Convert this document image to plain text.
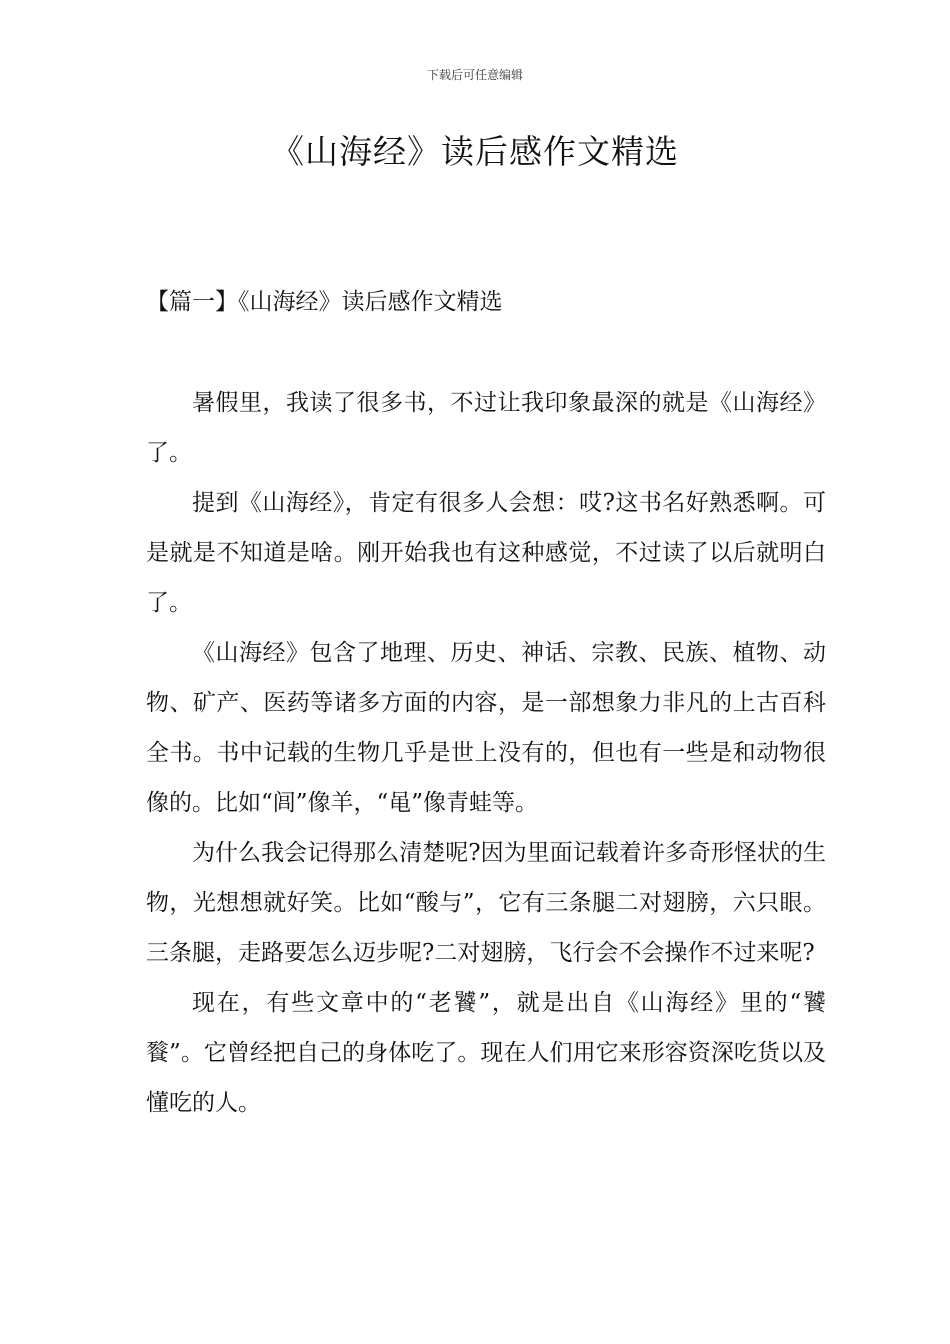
下载后可任意编辑
《山海经》读后感作文精选
【篇一】《山海经》读后感作文精选

暑假里，我读了很多书，不过让我印象最深的就是《山海经》了。

提到《山海经》，肯定有很多人会想：哎?这书名好熟悉啊。可是就是不知道是啥。刚开始我也有这种感觉，不过读了以后就明白了。

《山海经》包含了地理、历史、神话、宗教、民族、植物、动物、矿产、医药等诸多方面的内容，是一部想象力非凡的上古百科全书。书中记载的生物几乎是世上没有的，但也有一些是和动物很像的。比如“闾”像羊，“黾”像青蛙等。

为什么我会记得那么清楚呢?因为里面记载着许多奇形怪状的生物，光想想就好笑。比如“酸与”，它有三条腿二对翅膀，六只眼。三条腿，走路要怎么迈步呢?二对翅膀，飞行会不会操作不过来呢?

现在，有些文章中的“老饕”，就是出自《山海经》里的“饕餮”。它曾经把自己的身体吃了。现在人们用它来形容资深吃货以及懂吃的人。
